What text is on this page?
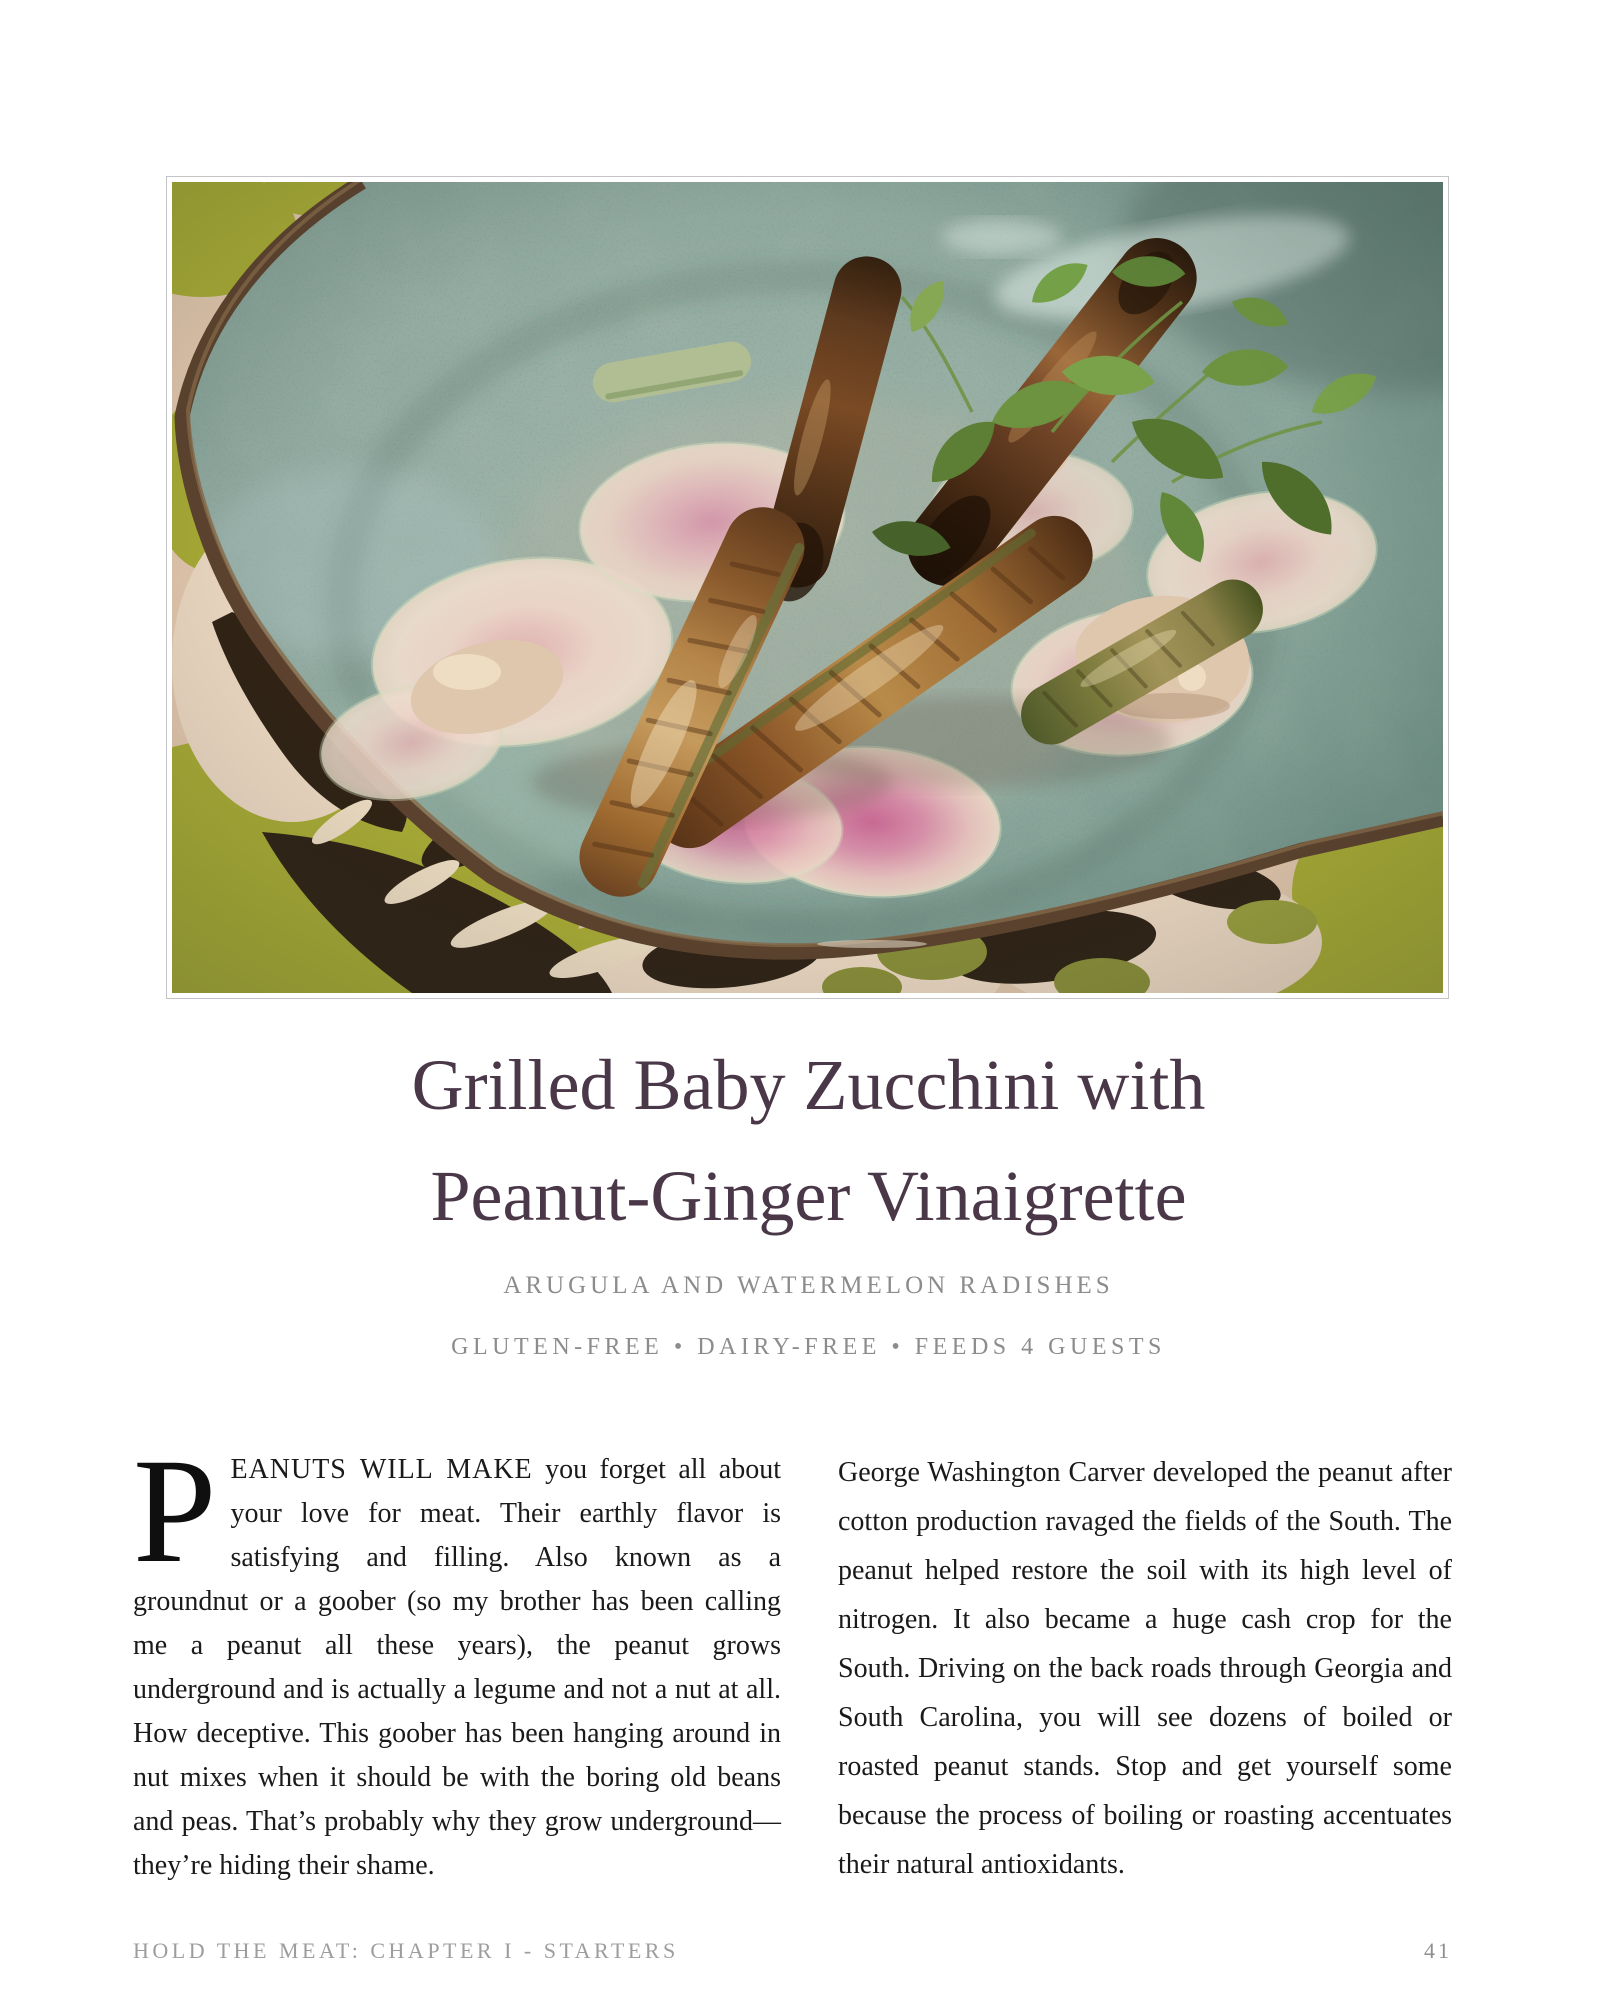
Grilled Baby Zucchini with
Peanut-Ginger Vinaigrette
ARUGULA AND WATERMELON RADISHES
GLUTEN-FREE • DAIRY-FREE • FEEDS 4 GUESTS

PEANUTS WILL MAKE you forget all about your love for meat. Their earthly flavor is satisfying and filling. Also known as a groundnut or a goober (so my brother has been calling me a peanut all these years), the peanut grows underground and is actually a legume and not a nut at all. How deceptive. This goober has been hanging around in nut mixes when it should be with the boring old beans and peas. That’s probably why they grow underground—they’re hiding their shame.

George Washington Carver developed the peanut after cotton production ravaged the fields of the South. The peanut helped restore the soil with its high level of nitrogen. It also became a huge cash crop for the South. Driving on the back roads through Georgia and South Carolina, you will see dozens of boiled or roasted peanut stands. Stop and get yourself some because the process of boiling or roasting accentuates their natural antioxidants.

HOLD THE MEAT: CHAPTER I - STARTERS	41
